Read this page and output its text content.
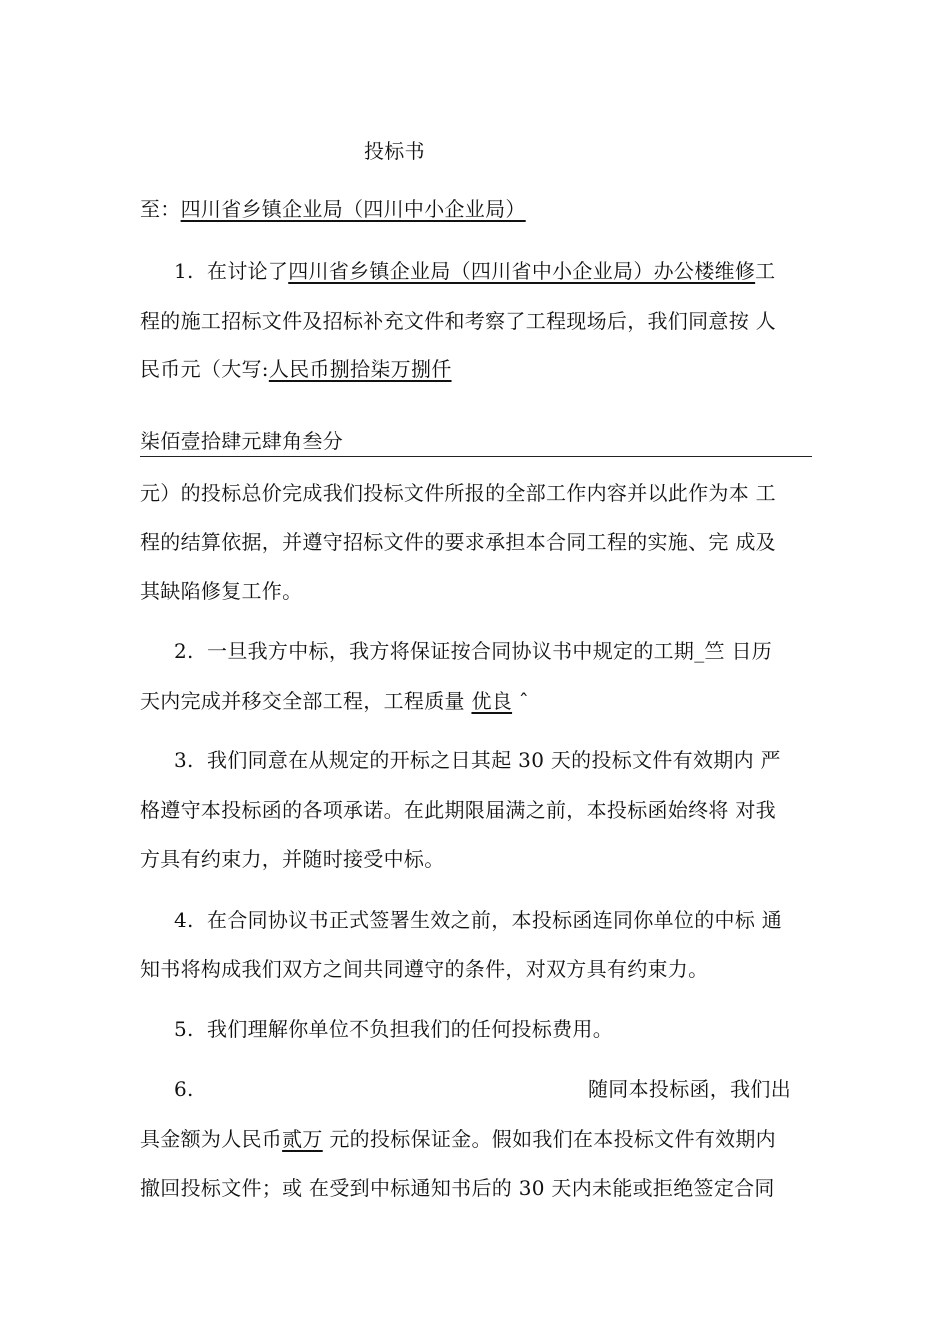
投标书
至：四川省乡镇企业局（四川中小企业局）
1. 在讨论了四川省乡镇企业局（四川省中小企业局）办公楼维修工
程的施工招标文件及招标补充文件和考察了工程现场后，我们同意按 人
民币元（大写:人民币捌拾柒万捌仟
柒佰壹拾肆元肆角叁分
元）的投标总价完成我们投标文件所报的全部工作内容并以此作为本 工
程的结算依据，并遵守招标文件的要求承担本合同工程的实施、完 成及
其缺陷修复工作。
2. 一旦我方中标，我方将保证按合同协议书中规定的工期_竺 日历
天内完成并移交全部工程，工程质量 优良 ˆ
3. 我们同意在从规定的开标之日其起 30 天的投标文件有效期内 严
格遵守本投标函的各项承诺。在此期限届满之前，本投标函始终将 对我
方具有约束力，并随时接受中标。
4. 在合同协议书正式签署生效之前，本投标函连同你单位的中标 通
知书将构成我们双方之间共同遵守的条件，对双方具有约束力。
5. 我们理解你单位不负担我们的任何投标费用。
6.	随同本投标函，我们出
具金额为人民币贰万 元的投标保证金。假如我们在本投标文件有效期内
撤回投标文件；或 在受到中标通知书后的 30 天内未能或拒绝签定合同
